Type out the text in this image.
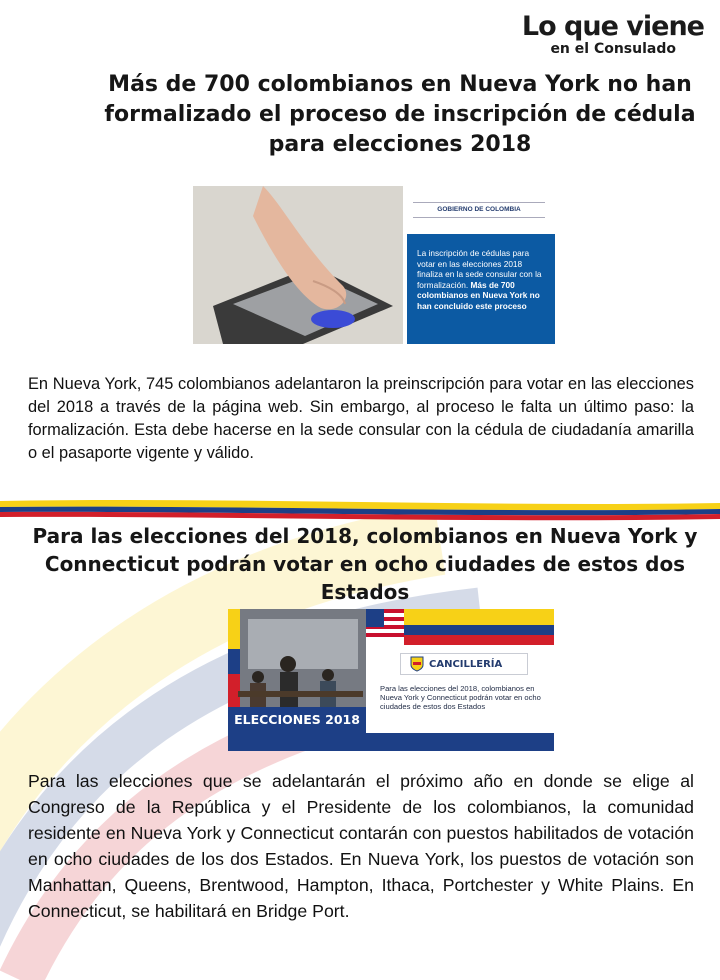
Lo que viene
en el Consulado
Más de 700 colombianos en Nueva York no han formalizado el proceso de inscripción de cédula para elecciones 2018
GOBIERNO DE COLOMBIA
La inscripción de cédulas para votar en las elecciones 2018 finaliza en la sede consular con la formalización. Más de 700 colombianos en Nueva York no han concluido este proceso
En Nueva York, 745 colombianos adelantaron la preinscripción para votar en las elecciones del 2018 a través de la página web. Sin embargo, al proceso le falta un último paso: la formalización. Esta debe hacerse en la sede consular con la cédula de ciudadanía amarilla o el pasaporte vigente y válido.
Para las elecciones del 2018, colombianos en Nueva York y Connecticut podrán votar en ocho ciudades de estos dos Estados
CANCILLERÍA
Para las elecciones del 2018, colombianos en Nueva York y Connecticut podrán votar en ocho ciudades de estos dos Estados
ELECCIONES 2018
Para las elecciones que se adelantarán el próximo año en donde se elige al Congreso de la República y el Presidente de los colombianos, la comunidad residente en Nueva York y Connecticut contarán con puestos habilitados de votación en ocho ciudades de los dos Estados. En Nueva York, los puestos de votación son Manhattan, Queens, Brentwood, Hampton, Ithaca, Portchester y White Plains. En Connecticut, se habilitará en Bridge Port.
